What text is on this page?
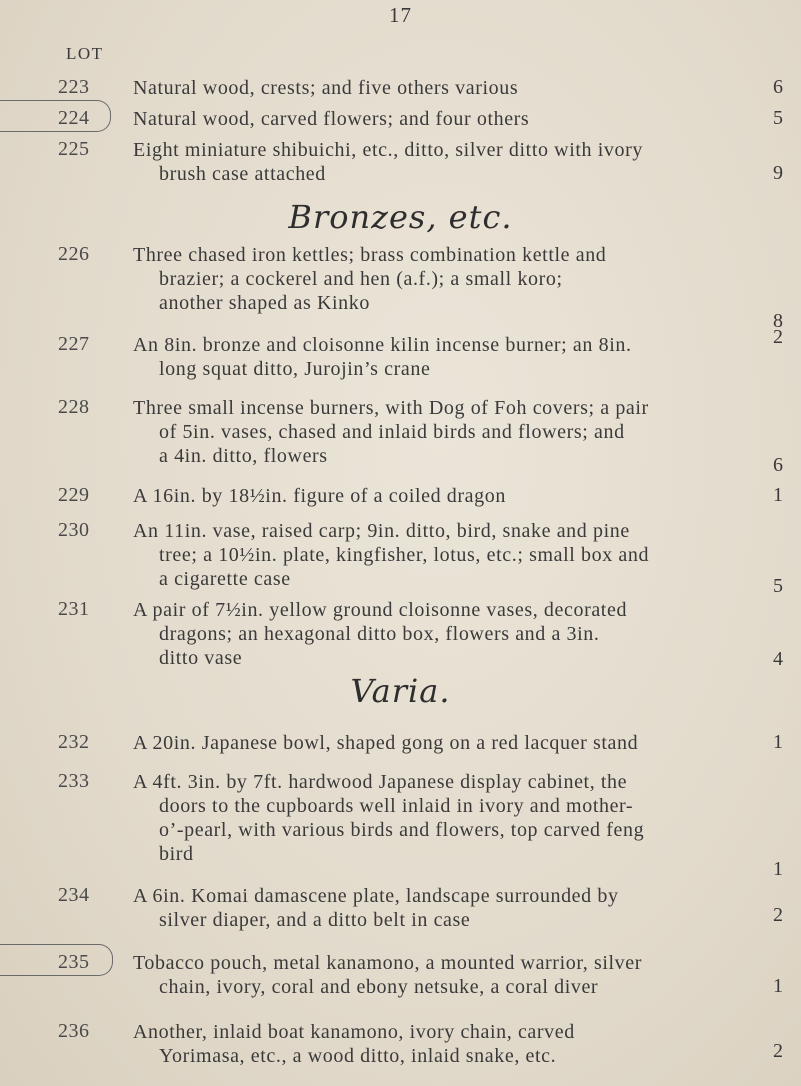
17
LOT
223	Natural wood, crests; and five others various	6
224	Natural wood, carved flowers; and four others	5
225	Eight miniature shibuichi, etc., ditto, silver ditto with ivory
brush case attached	9
Bronzes, etc.
226	Three chased iron kettles; brass combination kettle and
brazier; a cockerel and hen (a.f.); a small koro;
another shaped as Kinko
8
227	An 8in. bronze and cloisonne kilin incense burner; an 8in.
long squat ditto, Jurojin’s crane
2
228	Three small incense burners, with Dog of Foh covers; a pair
of 5in. vases, chased and inlaid birds and flowers; and
a 4in. ditto, flowers	6
229	A 16in. by 18½in. figure of a coiled dragon	1
230	An 11in. vase, raised carp; 9in. ditto, bird, snake and pine
tree; a 10½in. plate, kingfisher, lotus, etc.; small box and
a cigarette case	5
231	A pair of 7½in. yellow ground cloisonne vases, decorated
dragons; an hexagonal ditto box, flowers and a 3in.
ditto vase	4
Varia.
232	A 20in. Japanese bowl, shaped gong on a red lacquer stand	1
233	A 4ft. 3in. by 7ft. hardwood Japanese display cabinet, the
doors to the cupboards well inlaid in ivory and mother-
o’-pearl, with various birds and flowers, top carved feng
bird
1
234	A 6in. Komai damascene plate, landscape surrounded by
silver diaper, and a ditto belt in case	2
235	Tobacco pouch, metal kanamono, a mounted warrior, silver
chain, ivory, coral and ebony netsuke, a coral diver	1
236	Another, inlaid boat kanamono, ivory chain, carved
Yorimasa, etc., a wood ditto, inlaid snake, etc.	2
